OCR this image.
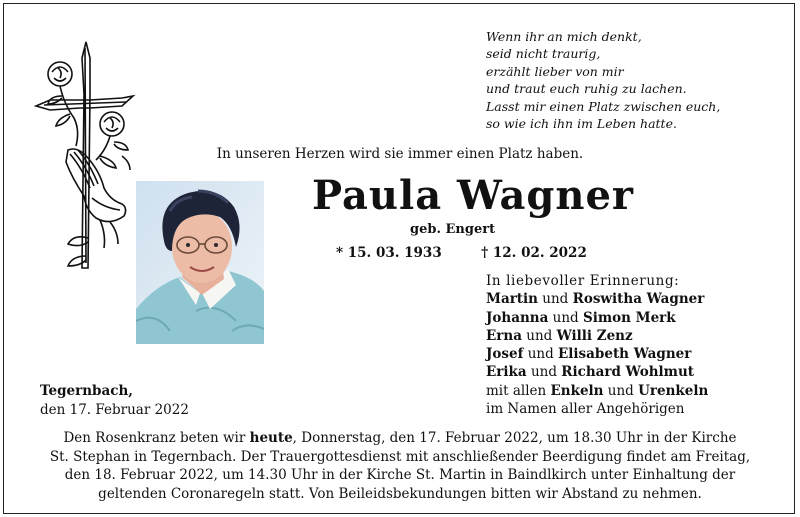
Wenn ihr an mich denkt,
seid nicht traurig,
erzählt lieber von mir
und traut euch ruhig zu lachen.
Lasst mir einen Platz zwischen euch,
so wie ich ihn im Leben hatte.
In unseren Herzen wird sie immer einen Platz haben.
Paula Wagner
geb. Engert
* 15. 03. 1933	† 12. 02. 2022
In liebevoller Erinnerung:
Martin und Roswitha Wagner
Johanna und Simon Merk
Erna und Willi Zenz
Josef und Elisabeth Wagner
Erika und Richard Wohlmut
mit allen Enkeln und Urenkeln
im Namen aller Angehörigen
Tegernbach,
den 17. Februar 2022
Den Rosenkranz beten wir heute, Donnerstag, den 17. Februar 2022, um 18.30 Uhr in der Kirche
St. Stephan in Tegernbach. Der Trauergottesdienst mit anschließender Beerdigung findet am Freitag,
den 18. Februar 2022, um 14.30 Uhr in der Kirche St. Martin in Baindlkirch unter Einhaltung der
geltenden Coronaregeln statt. Von Beileidsbekundungen bitten wir Abstand zu nehmen.
